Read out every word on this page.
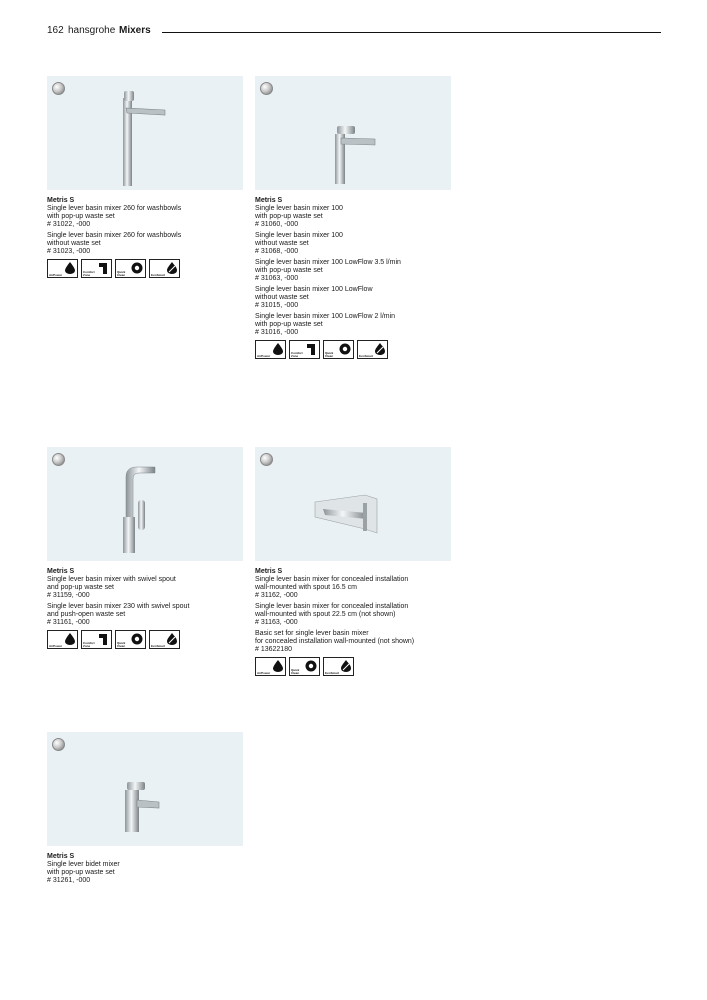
162 hansgrohe Mixers
Metris S
Single lever basin mixer 260 for washbowls
with pop-up waste set
# 31022, -000
Single lever basin mixer 260 for washbowls
without waste set
# 31023, -000
AirPower
Comfort Zone
Quick Clean	EcoSmart
Metris S
Single lever basin mixer 100
with pop-up waste set
# 31060, -000
Single lever basin mixer 100
without waste set
# 31068, -000
Single lever basin mixer 100 LowFlow 3.5 l/min
with pop-up waste set
# 31063, -000
Single lever basin mixer 100 LowFlow
without waste set
# 31015, -000
Single lever basin mixer 100 LowFlow 2 l/min
with pop-up waste set
# 31016, -000
AirPower
Comfort Zone
Quick Clean	EcoSmart
Metris S
Single lever basin mixer with swivel spout
and pop-up waste set
# 31159, -000
Single lever basin mixer 230 with swivel spout
and push-open waste set
# 31161, -000
AirPower
Comfort Zone
Quick Clean	EcoSmart
Metris S
Single lever basin mixer for concealed installation
wall-mounted with spout 16.5 cm
# 31162, -000
Single lever basin mixer for concealed installation
wall-mounted with spout 22.5 cm (not shown)
# 31163, -000
Basic set for single lever basin mixer
for concealed installation wall-mounted (not shown)
# 13622180
AirPower
Quick Clean	EcoSmart
Metris S
Single lever bidet mixer
with pop-up waste set
# 31261, -000
